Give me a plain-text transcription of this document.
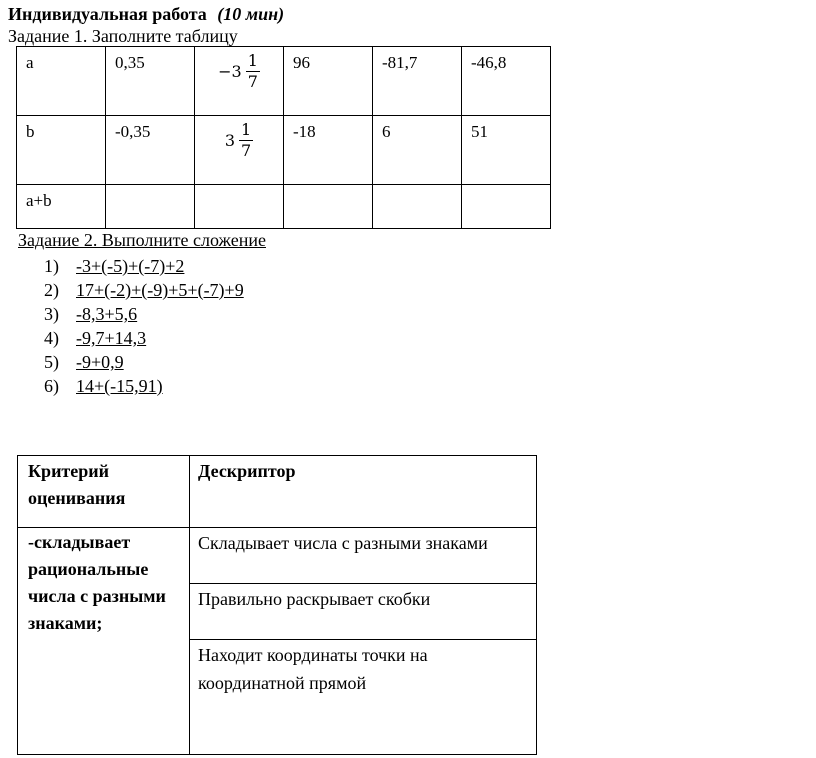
Индивидуальная работа (10 мин)
Задание 1. Заполните таблицу
a	0,35	$-3 \frac{1}{7}$	96	-81,7	-46,8
b	-0,35	$3 \frac{1}{7}$	-18	6	51
a+b					
Задание 2. Выполните сложение
1) -3+(-5)+(-7)+2
2) 17+(-2)+(-9)+5+(-7)+9
3) -8,3+5,6
4) -9,7+14,3
5) -9+0,9
6) 14+(-15,91)
Критерий оценивания	Дескриптор
-складывает рациональные числа с разными знаками;	Складывает числа с разными знаками
	Правильно раскрывает скобки
	Находит координаты точки на координатной прямой
